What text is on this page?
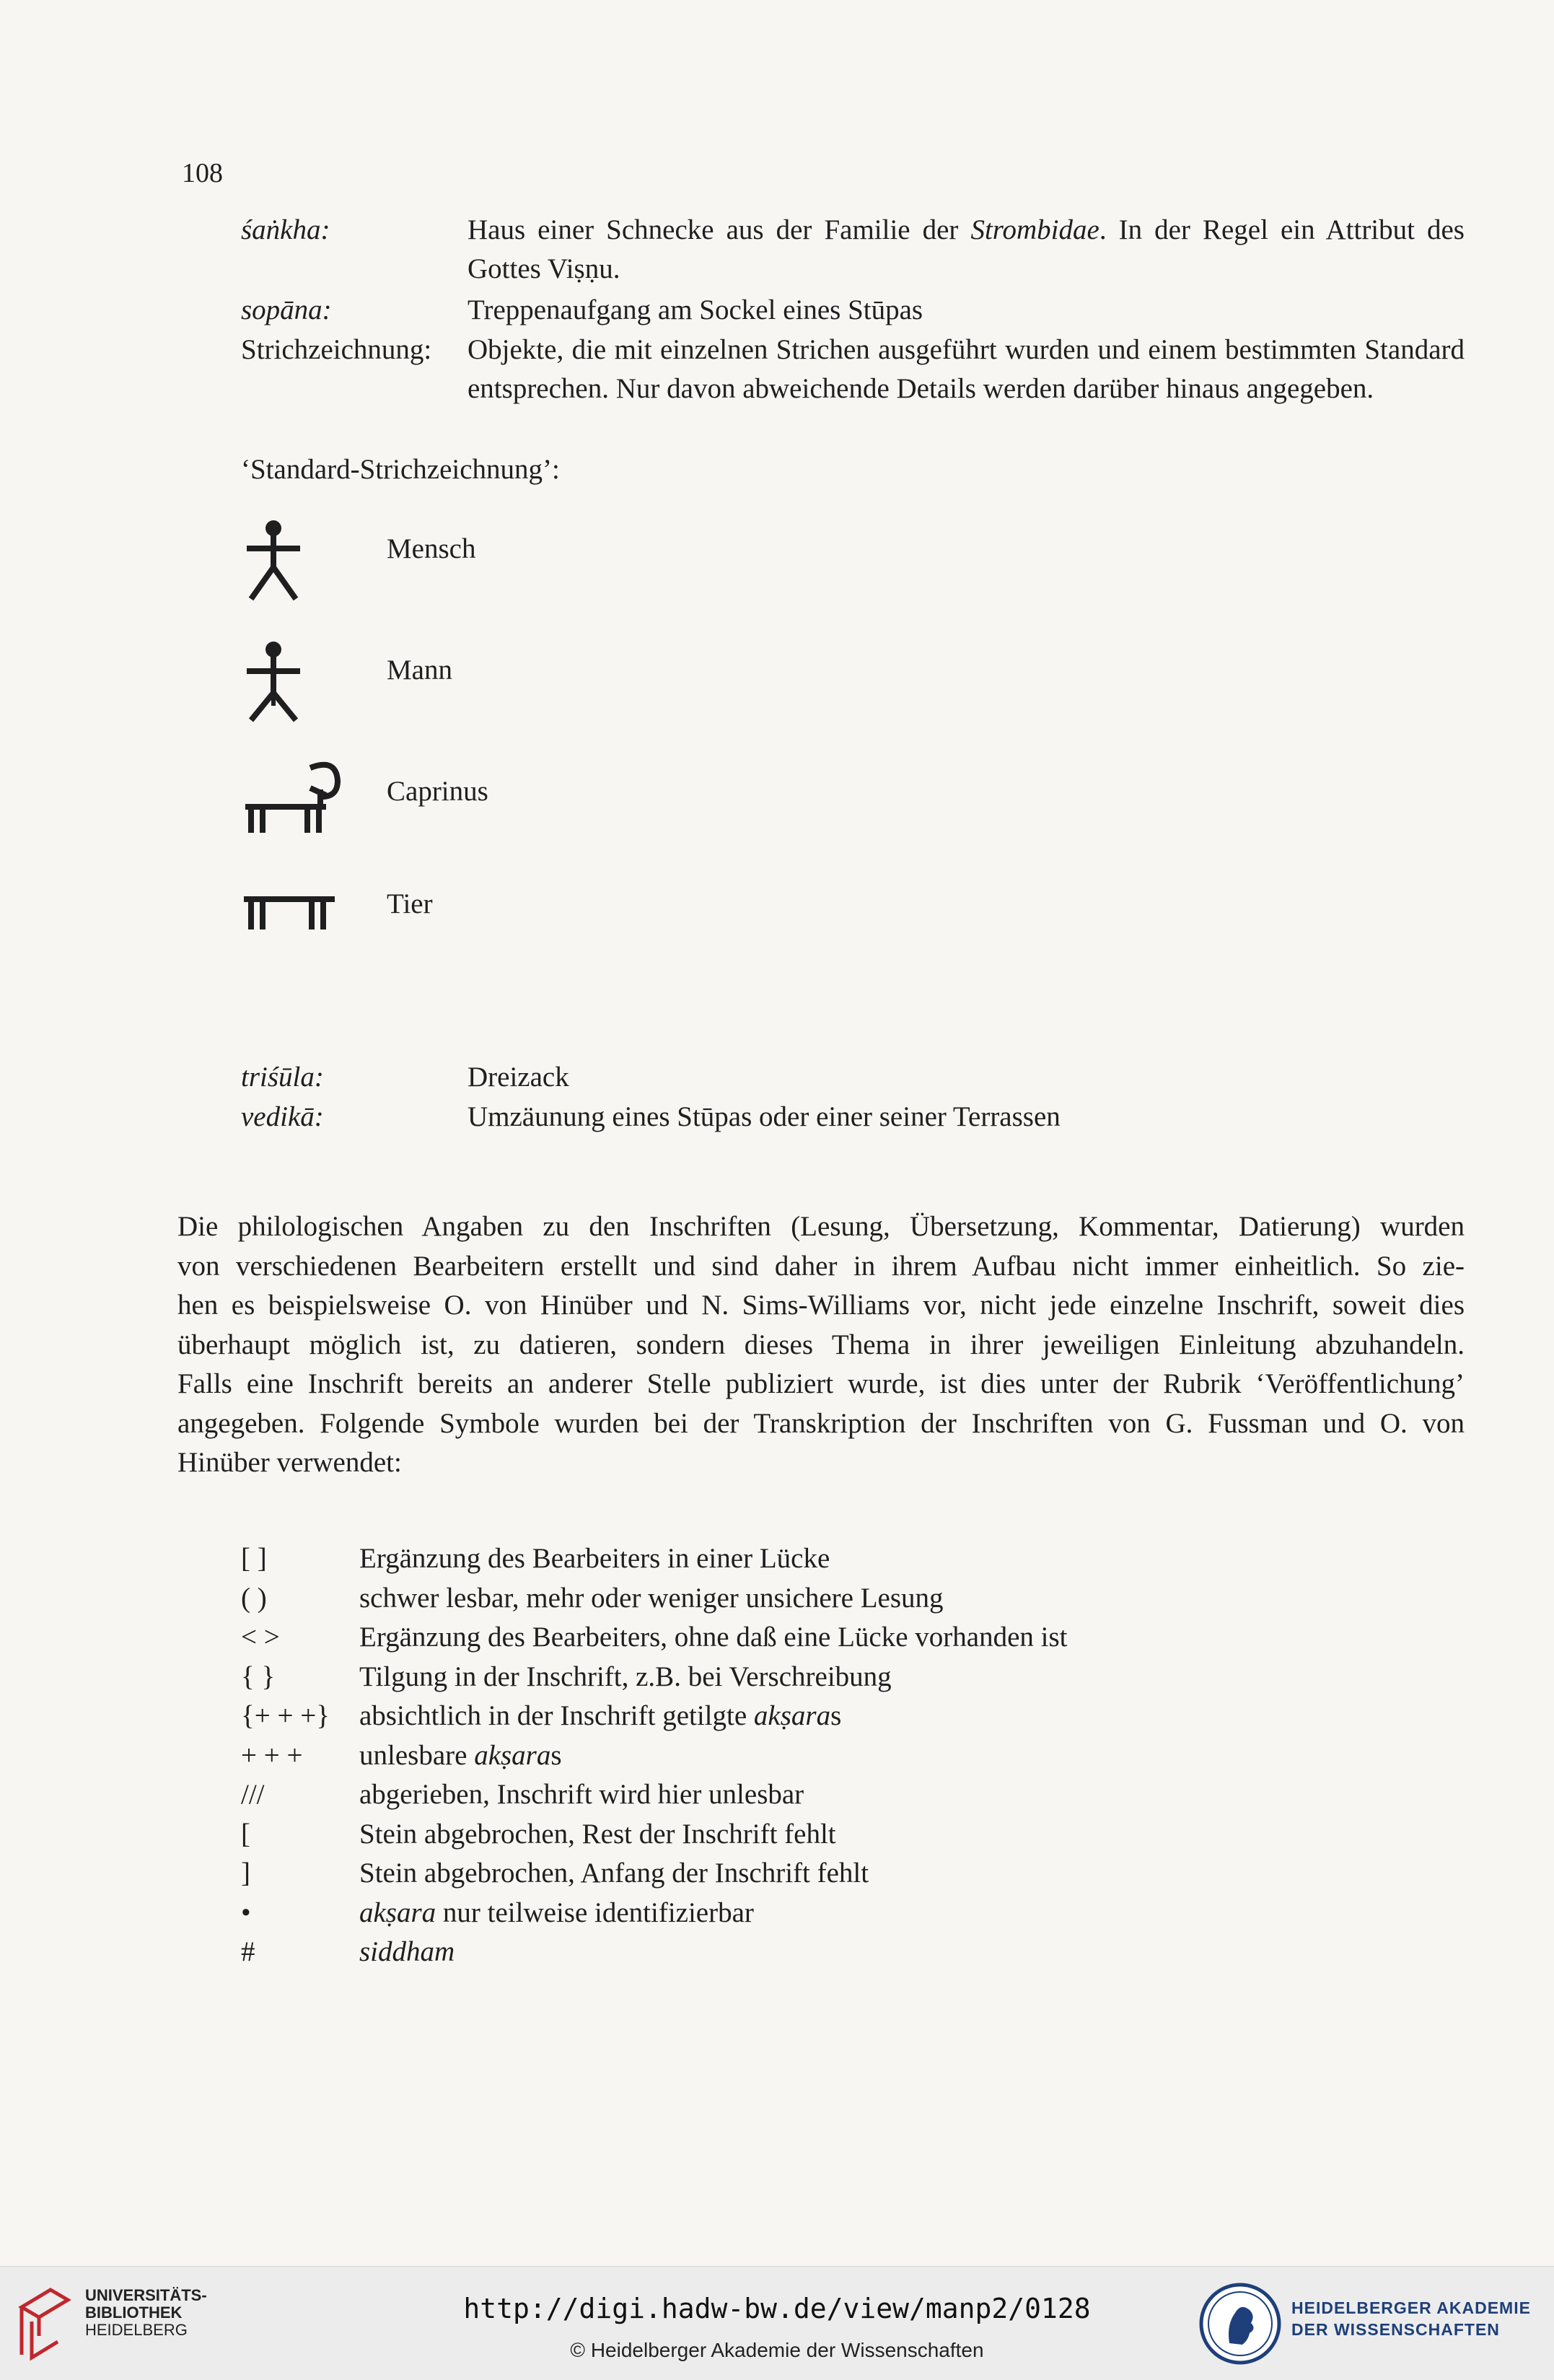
108
śaṅkha:	Haus einer Schnecke aus der Familie der Strombidae. In der Regel ein Attribut des Gottes Viṣṇu.
sopāna:	Treppenaufgang am Sockel eines Stūpas
Strichzeichnung: Objekte, die mit einzelnen Strichen ausgeführt wurden und einem bestimmten Standard entsprechen. Nur davon abweichende Details werden darüber hinaus angegeben.
‘Standard-Strichzeichnung’:
Mensch
Mann
Caprinus
Tier
triśūla:	Dreizack
vedikā:	Umzäunung eines Stūpas oder einer seiner Terrassen
Die philologischen Angaben zu den Inschriften (Lesung, Übersetzung, Kommentar, Datierung) wurden
von verschiedenen Bearbeitern erstellt und sind daher in ihrem Aufbau nicht immer einheitlich. So zie-
hen es beispielsweise O. von Hinüber und N. Sims-Williams vor, nicht jede einzelne Inschrift, soweit dies
überhaupt möglich ist, zu datieren, sondern dieses Thema in ihrer jeweiligen Einleitung abzuhandeln.
Falls eine Inschrift bereits an anderer Stelle publiziert wurde, ist dies unter der Rubrik ‘Veröffentlichung’
angegeben. Folgende Symbole wurden bei der Transkription der Inschriften von G. Fussman und O. von
Hinüber verwendet:
[ ]	Ergänzung des Bearbeiters in einer Lücke
( )	schwer lesbar, mehr oder weniger unsichere Lesung
< >	Ergänzung des Bearbeiters, ohne daß eine Lücke vorhanden ist
{ }	Tilgung in der Inschrift, z.B. bei Verschreibung
{+ + +} absichtlich in der Inschrift getilgte akṣaras
+ + + unlesbare akṣaras
///	abgerieben, Inschrift wird hier unlesbar
[	Stein abgebrochen, Rest der Inschrift fehlt
]	Stein abgebrochen, Anfang der Inschrift fehlt
•	akṣara nur teilweise identifizierbar
#	siddham
UNIVERSITÄTS-
BIBLIOTHEK
HEIDELBERG
http://digi.hadw-bw.de/view/manp2/0128
© Heidelberger Akademie der Wissenschaften
HEIDELBERGER AKADEMIE
DER WISSENSCHAFTEN
